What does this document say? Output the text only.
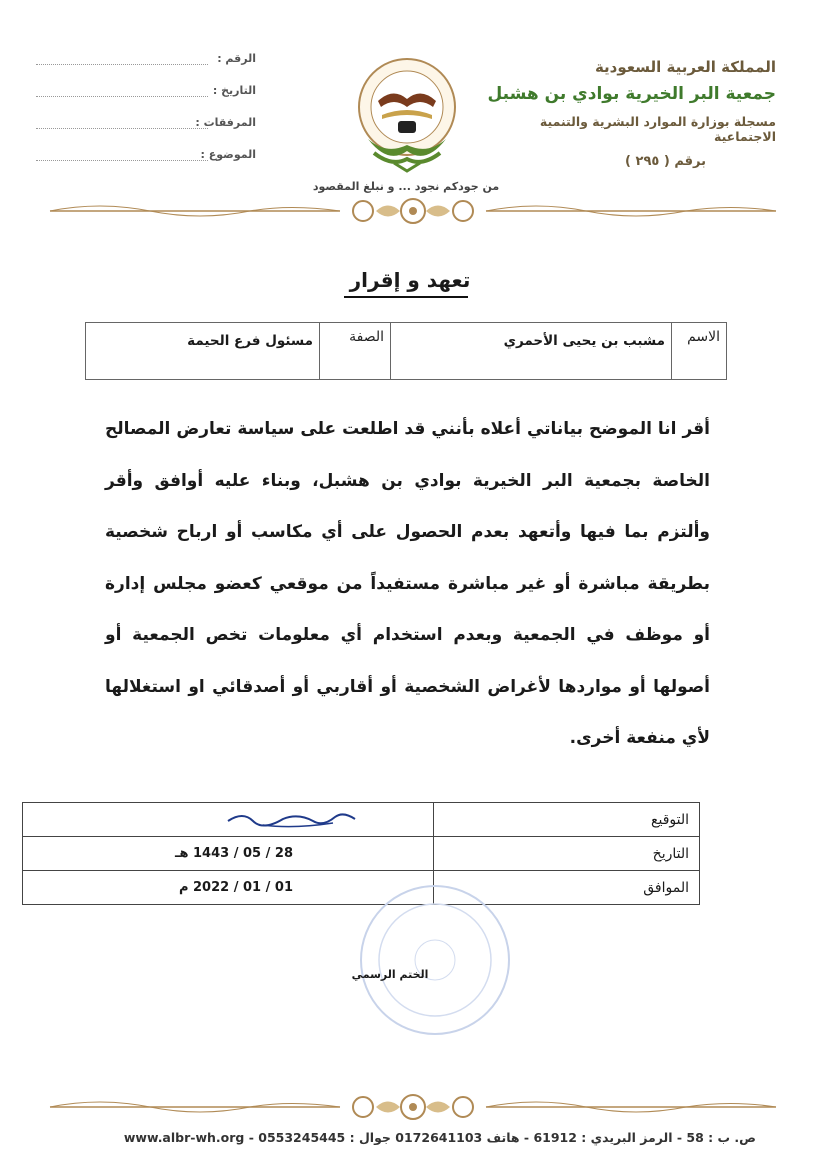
المملكة العربية السعودية
جمعية البر الخيرية بوادي بن هشبل
مسجلة بوزارة الموارد البشرية والتنمية الاجتماعية
برقم ( ٢٩٥ )
الرقم :
التاريخ :
المرفقات :
الموضوع :
من جودكم نجود ... و نبلغ المقصود
تعهد و إقرار
الاسم	مشبب بن يحيى الأحمري	الصفة	مسئول فرع الحيمة
أقر انا الموضح بياناتي أعلاه بأنني قد اطلعت على سياسة تعارض المصالح الخاصة بجمعية البر الخيرية بوادي بن هشبل، وبناء عليه أوافق وأقر وألتزم بما فيها وأتعهد بعدم الحصول على أي مكاسب أو ارباح شخصية بطريقة مباشرة أو غير مباشرة مستفيداً من موقعي كعضو مجلس إدارة أو موظف في الجمعية وبعدم استخدام أي معلومات تخص الجمعية أو أصولها أو مواردها لأغراض الشخصية أو أقاربي أو أصدقائي او استغلالها لأي منفعة أخرى.
التوقيع	

التاريخ	28 / 05 / 1443 هـ
الموافق	01 / 01 / 2022 م
الختم الرسمي
ص. ب : 58 - الرمز البريدي : 61912 - هاتف 0172641103 جوال : 0553245445 - www.albr-wh.org
